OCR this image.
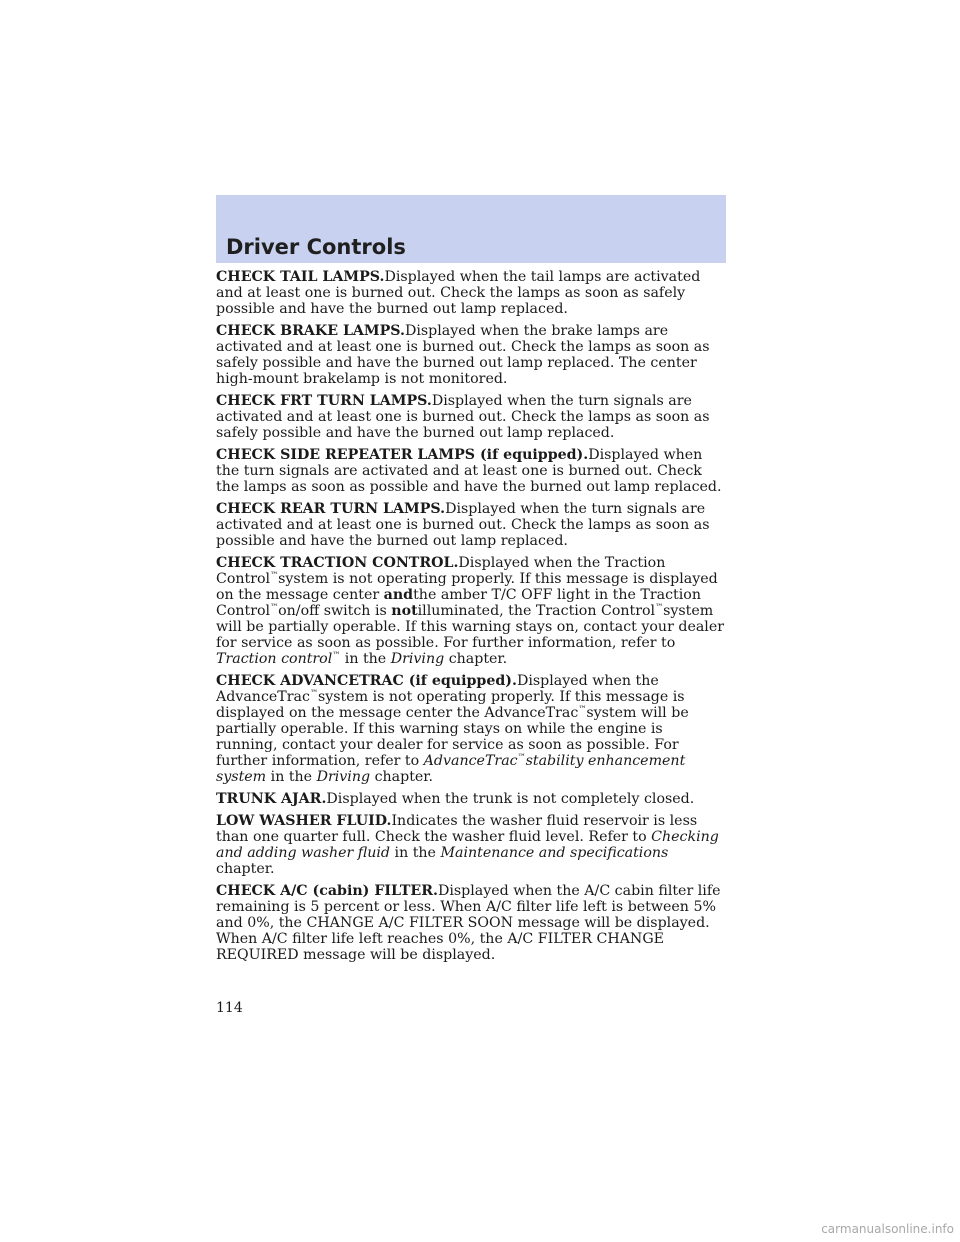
Driver Controls

CHECK TAIL LAMPS.Displayed when the tail lamps are activated and at least one is burned out. Check the lamps as soon as safely possible and have the burned out lamp replaced.

CHECK BRAKE LAMPS.Displayed when the brake lamps are activated and at least one is burned out. Check the lamps as soon as safely possible and have the burned out lamp replaced. The center high-mount brakelamp is not monitored.

CHECK FRT TURN LAMPS.Displayed when the turn signals are activated and at least one is burned out. Check the lamps as soon as safely possible and have the burned out lamp replaced.

CHECK SIDE REPEATER LAMPS (if equipped).Displayed when the turn signals are activated and at least one is burned out. Check the lamps as soon as possible and have the burned out lamp replaced.

CHECK REAR TURN LAMPS.Displayed when the turn signals are activated and at least one is burned out. Check the lamps as soon as possible and have the burned out lamp replaced.

CHECK TRACTION CONTROL.Displayed when the Traction Control™system is not operating properly. If this message is displayed on the message center andthe amber T/C OFF light in the Traction Control™on/off switch is notilluminated, the Traction Control™system will be partially operable. If this warning stays on, contact your dealer for service as soon as possible. For further information, refer to Traction control™ in the Driving chapter.

CHECK ADVANCETRAC (if equipped).Displayed when the AdvanceTrac™system is not operating properly. If this message is displayed on the message center the AdvanceTrac™system will be partially operable. If this warning stays on while the engine is running, contact your dealer for service as soon as possible. For further information, refer to AdvanceTrac™stability enhancement system in the Driving chapter.

TRUNK AJAR.Displayed when the trunk is not completely closed.

LOW WASHER FLUID.Indicates the washer fluid reservoir is less than one quarter full. Check the washer fluid level. Refer to Checking and adding washer fluid in the Maintenance and specifications chapter.

CHECK A/C (cabin) FILTER.Displayed when the A/C cabin filter life remaining is 5 percent or less. When A/C filter life left is between 5% and 0%, the CHANGE A/C FILTER SOON message will be displayed. When A/C filter life left reaches 0%, the A/C FILTER CHANGE REQUIRED message will be displayed.

114
carmanualsonline.info
